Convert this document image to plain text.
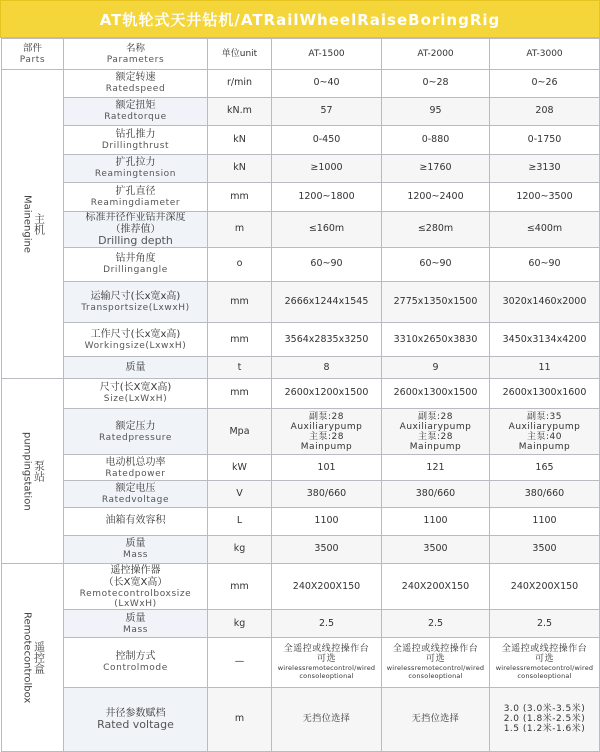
AT轨轮式天井钻机/ATRailWheelRaiseBoringRig
部件
Parts	名称
Parameters	单位unit	AT-1500	AT-2000	AT-3000

Mainengine 主机	额定转速
Ratedspeed	r/min	0~40	0~28	0~26

	额定扭矩
Ratedtorque	kN.m	57	95	208

	钻孔推力
Drillingthrust	kN	0-450	0-880	0-1750

	扩孔拉力
Reamingtension	kN	≥1000	≥1760	≥3130

	扩孔直径
Reamingdiameter	mm	1200~1800	1200~2400	1200~3500

	标准井径作业钻井深度
（推荐值）
Drilling depth	m	≤160m	≤280m	≤400m

	钻井角度
Drillingangle	o	60~90	60~90	60~90

	运输尺寸(长x宽x高)
Transportsize(LxwxH)	mm	2666x1244x1545	2775x1350x1500	3020x1460x2000

	工作尺寸(长x宽x高)
Workingsize(LxwxH)	mm	3564x2835x3250	3310x2650x3830	3450x3134x4200

	质量	t	8	9	11

pumpingstation 泵站	尺寸(长X宽X高)
Size(LxWxH)	mm	2600x1200x1500	2600x1300x1500	2600x1300x1600

	额定压力
Ratedpressure	Mpa	副泵:28
Auxiliarypump
主泵:28
Mainpump	副泵:28
Auxiliarypump
主泵:28
Mainpump	副泵:35
Auxiliarypump
主泵:40
Mainpump

	电动机总功率
Ratedpower	kW	101	121	165

	额定电压
Ratedvoltage	V	380/660	380/660	380/660

	油箱有效容积	L	1100	1100	1100

	质量
Mass	kg	3500	3500	3500

Remotecontrolbox 遥控盒	遥控操作器
（长X宽X高）
Remotecontrolboxsize
(LxWxH)	mm	240X200X150	240X200X150	240X200X150

	质量
Mass	kg	2.5	2.5	2.5

	控制方式
Controlmode	—	全遥控或线控操作台
可选
wirelessremotecontrol/wired
consoleoptional	全遥控或线控操作台
可选
wirelessremotecontrol/wired
consoleoptional	全遥控或线控操作台
可选
wirelessremotecontrol/wired
consoleoptional

	井径参数赋档
Rated voltage	m	无挡位选择	无挡位选择	3.0 (3.0米-3.5米)
2.0 (1.8米-2.5米)
1.5 (1.2米-1.6米)
